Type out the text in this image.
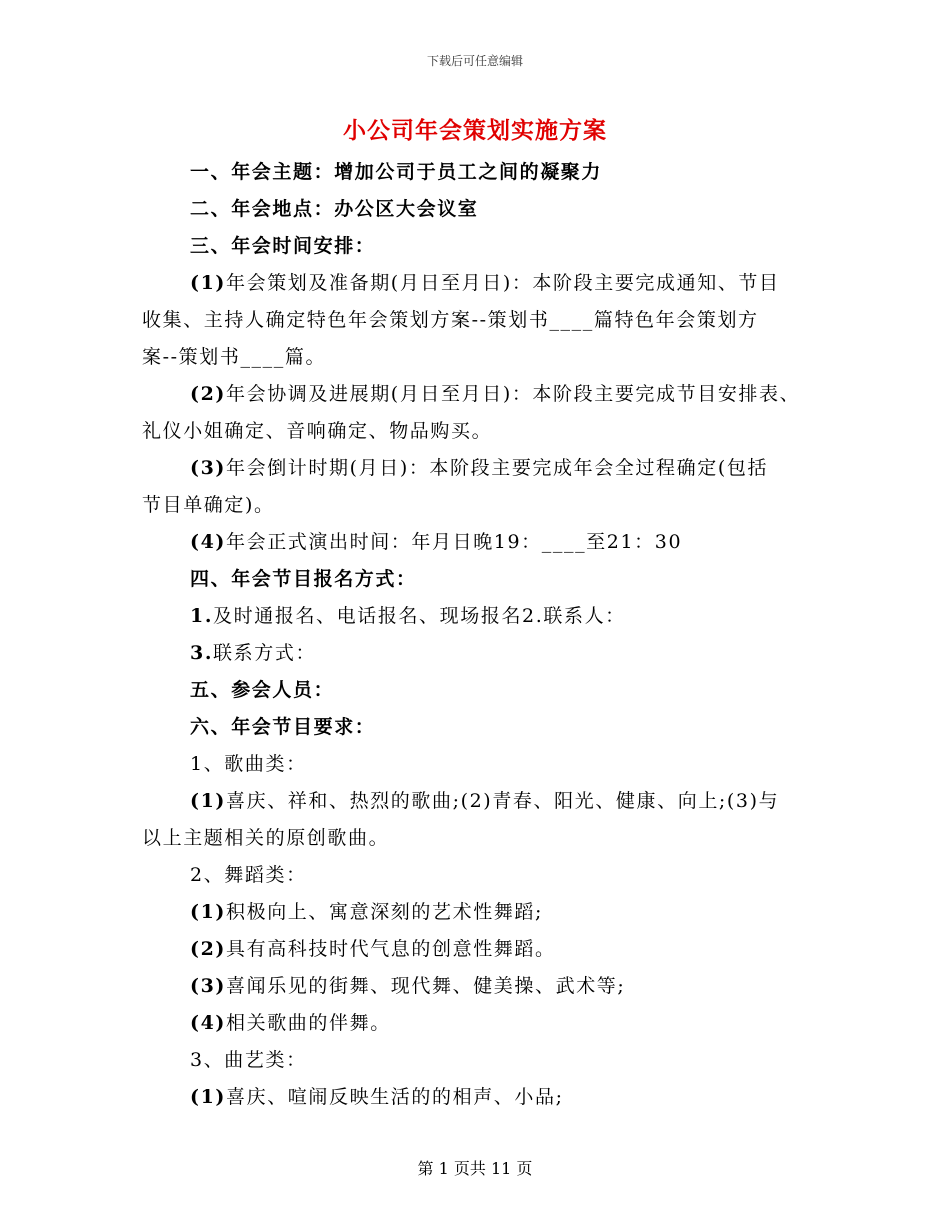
下载后可任意编辑
小公司年会策划实施方案
一、年会主题：增加公司于员工之间的凝聚力
二、年会地点：办公区大会议室
三、年会时间安排：
(1)年会策划及准备期(月日至月日)：本阶段主要完成通知、节目
收集、主持人确定特色年会策划方案--策划书____篇特色年会策划方
案--策划书____篇。
(2)年会协调及进展期(月日至月日)：本阶段主要完成节目安排表、
礼仪小姐确定、音响确定、物品购买。
(3)年会倒计时期(月日)：本阶段主要完成年会全过程确定(包括
节目单确定)。
(4)年会正式演出时间：年月日晚19：____至21：30
四、年会节目报名方式：
1.及时通报名、电话报名、现场报名2.联系人：
3.联系方式：
五、参会人员：
六、年会节目要求：
1、歌曲类：
(1)喜庆、祥和、热烈的歌曲;(2)青春、阳光、健康、向上;(3)与
以上主题相关的原创歌曲。
2、舞蹈类：
(1)积极向上、寓意深刻的艺术性舞蹈;
(2)具有高科技时代气息的创意性舞蹈。
(3)喜闻乐见的街舞、现代舞、健美操、武术等;
(4)相关歌曲的伴舞。
3、曲艺类：
(1)喜庆、喧闹反映生活的的相声、小品;
第 1 页共 11 页
